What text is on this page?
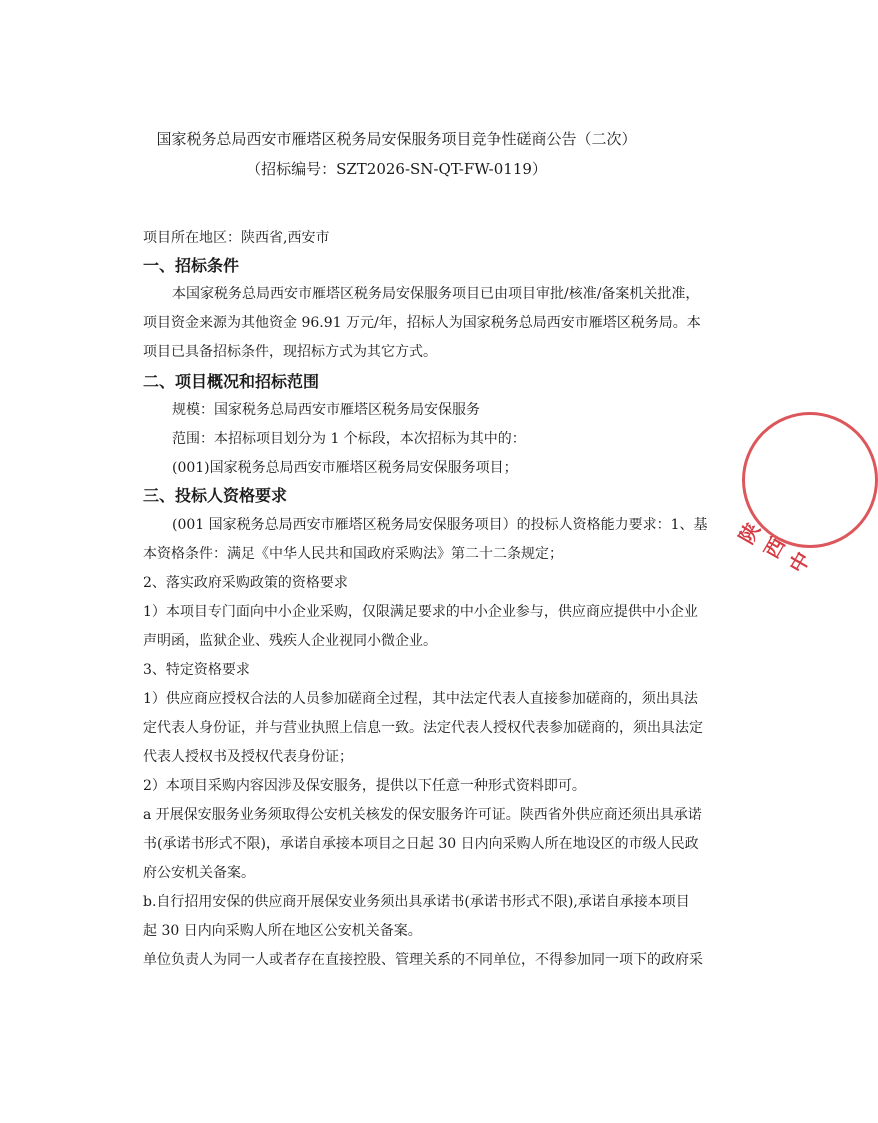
国家税务总局西安市雁塔区税务局安保服务项目竞争性磋商公告（二次）
（招标编号：SZT2026-SN-QT-FW-0119）
项目所在地区：陕西省,西安市
一、招标条件
本国家税务总局西安市雁塔区税务局安保服务项目已由项目审批/核准/备案机关批准，
项目资金来源为其他资金 96.91 万元/年，招标人为国家税务总局西安市雁塔区税务局。本
项目已具备招标条件，现招标方式为其它方式。
二、项目概况和招标范围
规模：国家税务总局西安市雁塔区税务局安保服务
范围：本招标项目划分为 1 个标段，本次招标为其中的：
(001)国家税务总局西安市雁塔区税务局安保服务项目；
三、投标人资格要求
(001 国家税务总局西安市雁塔区税务局安保服务项目）的投标人资格能力要求：1、基
本资格条件：满足《中华人民共和国政府采购法》第二十二条规定；
2、落实政府采购政策的资格要求
1）本项目专门面向中小企业采购，仅限满足要求的中小企业参与，供应商应提供中小企业
声明函，监狱企业、残疾人企业视同小微企业。
3、特定资格要求
1）供应商应授权合法的人员参加磋商全过程，其中法定代表人直接参加磋商的，须出具法
定代表人身份证，并与营业执照上信息一致。法定代表人授权代表参加磋商的，须出具法定
代表人授权书及授权代表身份证；
2）本项目采购内容因涉及保安服务，提供以下任意一种形式资料即可。
a 开展保安服务业务须取得公安机关核发的保安服务许可证。陕西省外供应商还须出具承诺
书(承诺书形式不限)，承诺自承接本项目之日起 30 日内向采购人所在地设区的市级人民政
府公安机关备案。
b.自行招用安保的供应商开展保安业务须出具承诺书(承诺书形式不限),承诺自承接本项目
起 30 日内向采购人所在地区公安机关备案。
单位负责人为同一人或者存在直接控股、管理关系的不同单位，不得参加同一项下的政府采
陕西中
